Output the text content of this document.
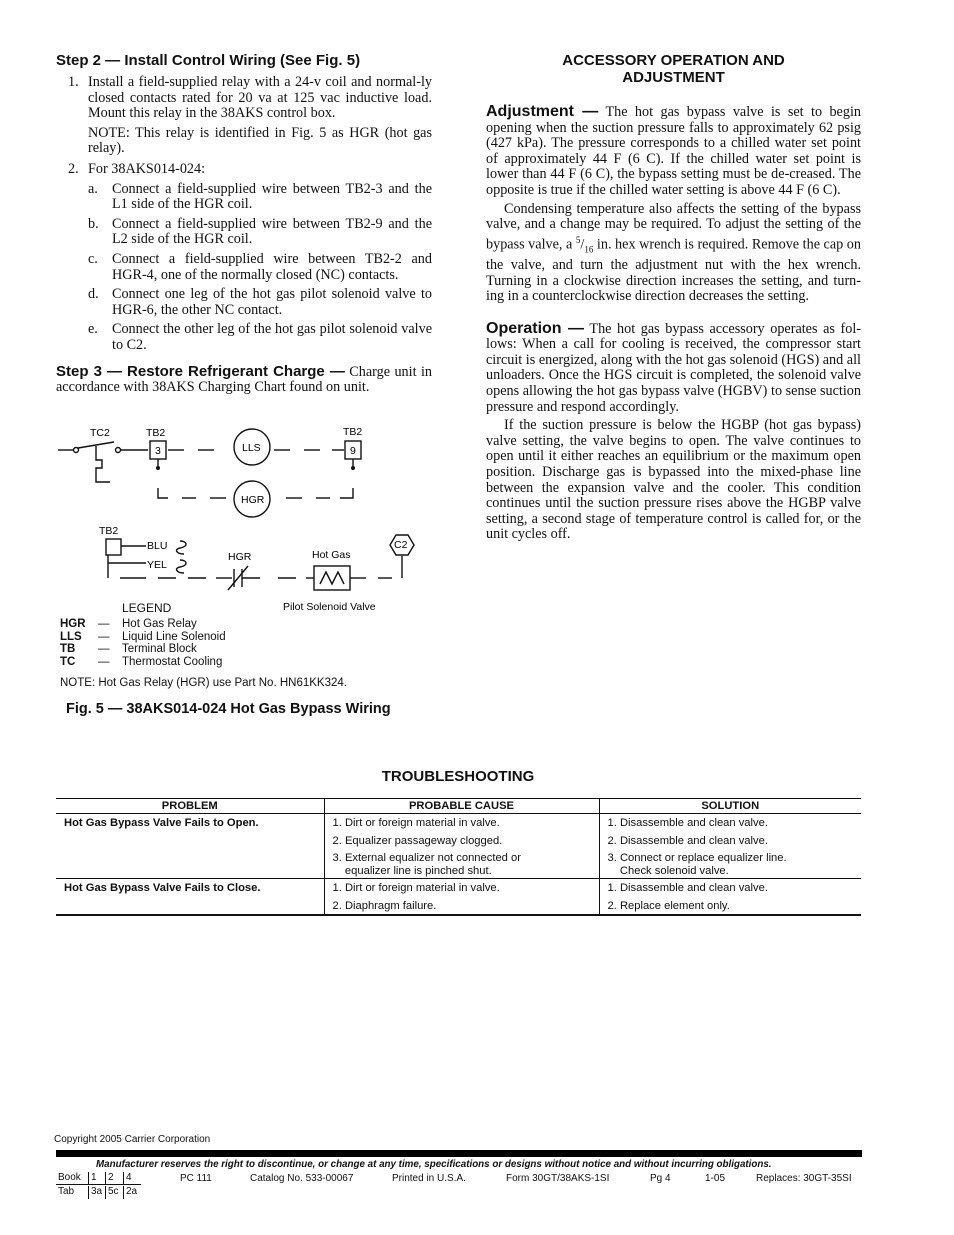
Step 2 — Install Control Wiring (See Fig. 5)
1. Install a field-supplied relay with a 24-v coil and normal-ly closed contacts rated for 20 va at 125 vac inductive load. Mount this relay in the 38AKS control box.
NOTE: This relay is identified in Fig. 5 as HGR (hot gas relay).
2. For 38AKS014-024:
a. Connect a field-supplied wire between TB2-3 and the L1 side of the HGR coil.
b. Connect a field-supplied wire between TB2-9 and the L2 side of the HGR coil.
c. Connect a field-supplied wire between TB2-2 and HGR-4, one of the normally closed (NC) contacts.
d. Connect one leg of the hot gas pilot solenoid valve to HGR-6, the other NC contact.
e. Connect the other leg of the hot gas pilot solenoid valve to C2.
Step 3 — Restore Refrigerant Charge — Charge unit in accordance with 38AKS Charging Chart found on unit.
TC2	TB2	TB2
3	9
LLS
HGR
TB2
BLU
YEL
HGR	Hot Gas
C2
Pilot Solenoid Valve
LEGEND
HGR	—	Hot Gas Relay
LLS	—	Liquid Line Solenoid
TB	—	Terminal Block
TC	—	Thermostat Cooling
NOTE: Hot Gas Relay (HGR) use Part No. HN61KK324.
Fig. 5 — 38AKS014-024 Hot Gas Bypass Wiring
ACCESSORY OPERATION AND
ADJUSTMENT
Adjustment — The hot gas bypass valve is set to begin opening when the suction pressure falls to approximately 62 psig (427 kPa). The pressure corresponds to a chilled water set point of approximately 44 F (6 C). If the chilled water set point is lower than 44 F (6 C), the bypass setting must be de-creased. The opposite is true if the chilled water setting is above 44 F (6 C).
Condensing temperature also affects the setting of the bypass valve, and a change may be required. To adjust the setting of the bypass valve, a $^5/_{16}$ in. hex wrench is required. Remove the cap on the valve, and turn the adjustment nut with the hex wrench. Turning in a clockwise direction increases the setting, and turn-ing in a counterclockwise direction decreases the setting.
Operation — The hot gas bypass accessory operates as fol-lows: When a call for cooling is received, the compressor start circuit is energized, along with the hot gas solenoid (HGS) and all unloaders. Once the HGS circuit is completed, the solenoid valve opens allowing the hot gas bypass valve (HGBV) to sense suction pressure and respond accordingly.
If the suction pressure is below the HGBP (hot gas bypass) valve setting, the valve begins to open. The valve continues to open until it either reaches an equilibrium or the maximum open position. Discharge gas is bypassed into the mixed-phase line between the expansion valve and the cooler. This condition continues until the suction pressure rises above the HGBP valve setting, a second stage of temperature control is called for, or the unit cycles off.
TROUBLESHOOTING
PROBLEM	PROBABLE CAUSE	SOLUTION
Hot Gas Bypass Valve Fails to Open.	1. Dirt or foreign material in valve.	1. Disassemble and clean valve.
	2. Equalizer passageway clogged.	2. Disassemble and clean valve.
	3. External equalizer not connected or
equalizer line is pinched shut.	3. Connect or replace equalizer line.
Check solenoid valve.
Hot Gas Bypass Valve Fails to Close.	1. Dirt or foreign material in valve.	1. Disassemble and clean valve.
	2. Diaphragm failure.	2. Replace element only.
Copyright 2005 Carrier Corporation
Manufacturer reserves the right to discontinue, or change at any time, specifications or designs without notice and without incurring obligations.
Book	1	2	4
Tab	3a 5c 2a
PC 111	Catalog No. 533-00067	Printed in U.S.A.	Form 30GT/38AKS-1SI	Pg 4	1-05	Replaces: 30GT-35SI
